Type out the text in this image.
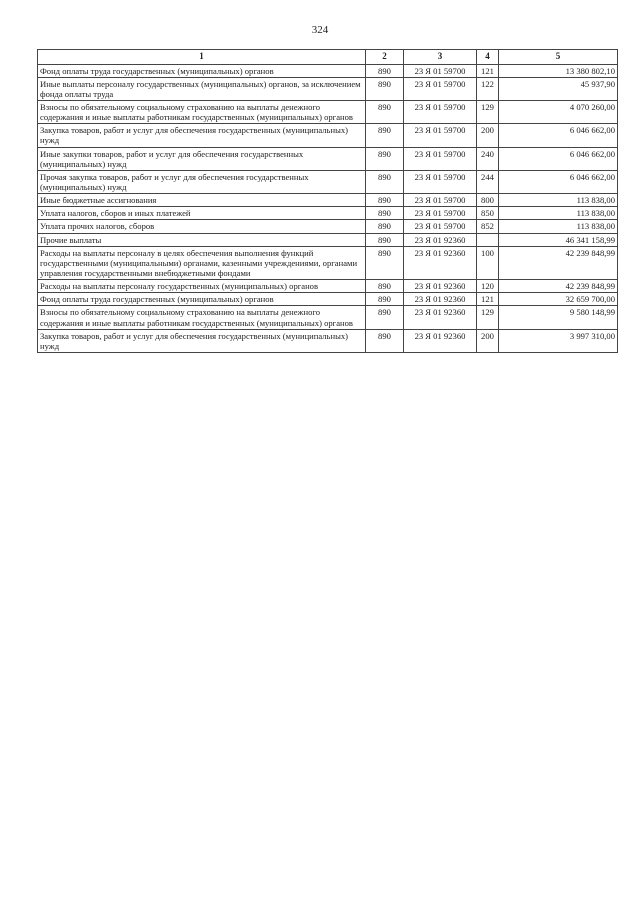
324
1	2	3	4	5
Фонд оплаты труда государственных (муниципальных) органов	890	23 Я 01 59700	121	13 380 802,10
Иные выплаты персоналу государственных (муниципальных) органов, за исключением фонда оплаты труда	890	23 Я 01 59700	122	45 937,90
Взносы по обязательному социальному страхованию на выплаты денежного содержания и иные выплаты работникам государственных (муниципальных) органов	890	23 Я 01 59700	129	4 070 260,00
Закупка товаров, работ и услуг для обеспечения государственных (муниципальных) нужд	890	23 Я 01 59700	200	6 046 662,00
Иные закупки товаров, работ и услуг для обеспечения государственных (муниципальных) нужд	890	23 Я 01 59700	240	6 046 662,00
Прочая закупка товаров, работ и услуг для обеспечения государственных (муниципальных) нужд	890	23 Я 01 59700	244	6 046 662,00
Иные бюджетные ассигнования	890	23 Я 01 59700	800	113 838,00
Уплата налогов, сборов и иных платежей	890	23 Я 01 59700	850	113 838,00
Уплата прочих налогов, сборов	890	23 Я 01 59700	852	113 838,00
Прочие выплаты	890	23 Я 01 92360		46 341 158,99
Расходы на выплаты персоналу в целях обеспечения выполнения функций государственными (муниципальными) органами, казенными учреждениями, органами управления государственными внебюджетными фондами	890	23 Я 01 92360	100	42 239 848,99
Расходы на выплаты персоналу государственных (муниципальных) органов	890	23 Я 01 92360	120	42 239 848,99
Фонд оплаты труда государственных (муниципальных) органов	890	23 Я 01 92360	121	32 659 700,00
Взносы по обязательному социальному страхованию на выплаты денежного содержания и иные выплаты работникам государственных (муниципальных) органов	890	23 Я 01 92360	129	9 580 148,99
Закупка товаров, работ и услуг для обеспечения государственных (муниципальных) нужд	890	23 Я 01 92360	200	3 997 310,00
